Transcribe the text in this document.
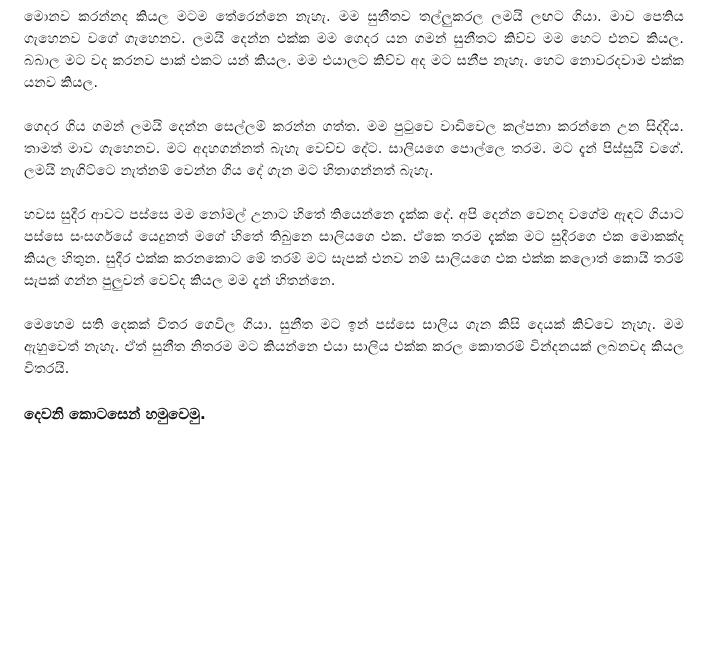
මොනව කරන්නද කියල මටම තේරෙන්නෙ නැහැ. මම සුනීතව තල්ලුකරල ලමයි ලඟට ගියා. මාව පෙතිය ගැහෙනව වගේ ගැහෙනව. ලමයි දෙන්න එක්ක මම ගෙදර යන ගමන් සුනීතට කිව්ව මම හෙට එනව කියල. බබාල මට වද කරනව පාක් එකට යන් කියල. මම එයාලට කිව්ව අද මට සනීප නැහැ. හෙට නොවරදවාම එක්ක යනව කියල.

ගෙදර ගිය ගමන් ලමයි දෙන්න සෙල්ලම් කරන්න ගත්ත. මම පුටුවෙ වාඩිවෙල කල්පනා කරන්නෙ උන සිද්දිය. තාමත් මාව ගැහෙනව. මට අදහගන්නත් බැහැ වෙච්ච දේට. සාලියගෙ පොල්ලෙ තරම. මට දැන් පිස්සුයි වගේ. ලමයි නැගිට්ටෙ නැත්නම් වෙන්න ගිය දේ ගැන මට හිතාගන්නත් බැහැ.

හවස සුදීර ආවට පස්සෙ මම නෝමල් උනාට හිතේ තියෙන්නෙ දැක්ක දේ. අපි දෙන්න වෙනද වගේම ඇඳට ගියාට පස්සෙ සංසර්ගයේ යෙදුනත් මගේ හිතේ තිබුනෙ සාලියගෙ එක. ඒකෙ තරම දැක්ක මට සුදීරගෙ එක මොකක්ද කියල හිතුන. සුදීර එක්ක කරනකොට මේ තරම් මට සැපක් එනව නම් සාලියගෙ එක එක්ක කලොත් කොයි තරම් සැපක් ගන්න පුලුවන් වෙව්ද කියල මම දැන් හිතන්නෙ.

මෙහෙම සති දෙකක් විතර ගෙවිල ගියා. සුනීත මට ඉන් පස්සෙ සාලිය ගැන කිසි දෙයක් කිව්වෙ නැහැ. මම ඇහුවෙත් නැහැ. ඒත් සුනීත නිතරම මට කියන්නෙ එයා සාලිය එක්ක කරල කොතරම් වින්දනයක් ලබනවද කියල විතරයි.

දෙවනි කොටසෙන් හමුවෙමු.
